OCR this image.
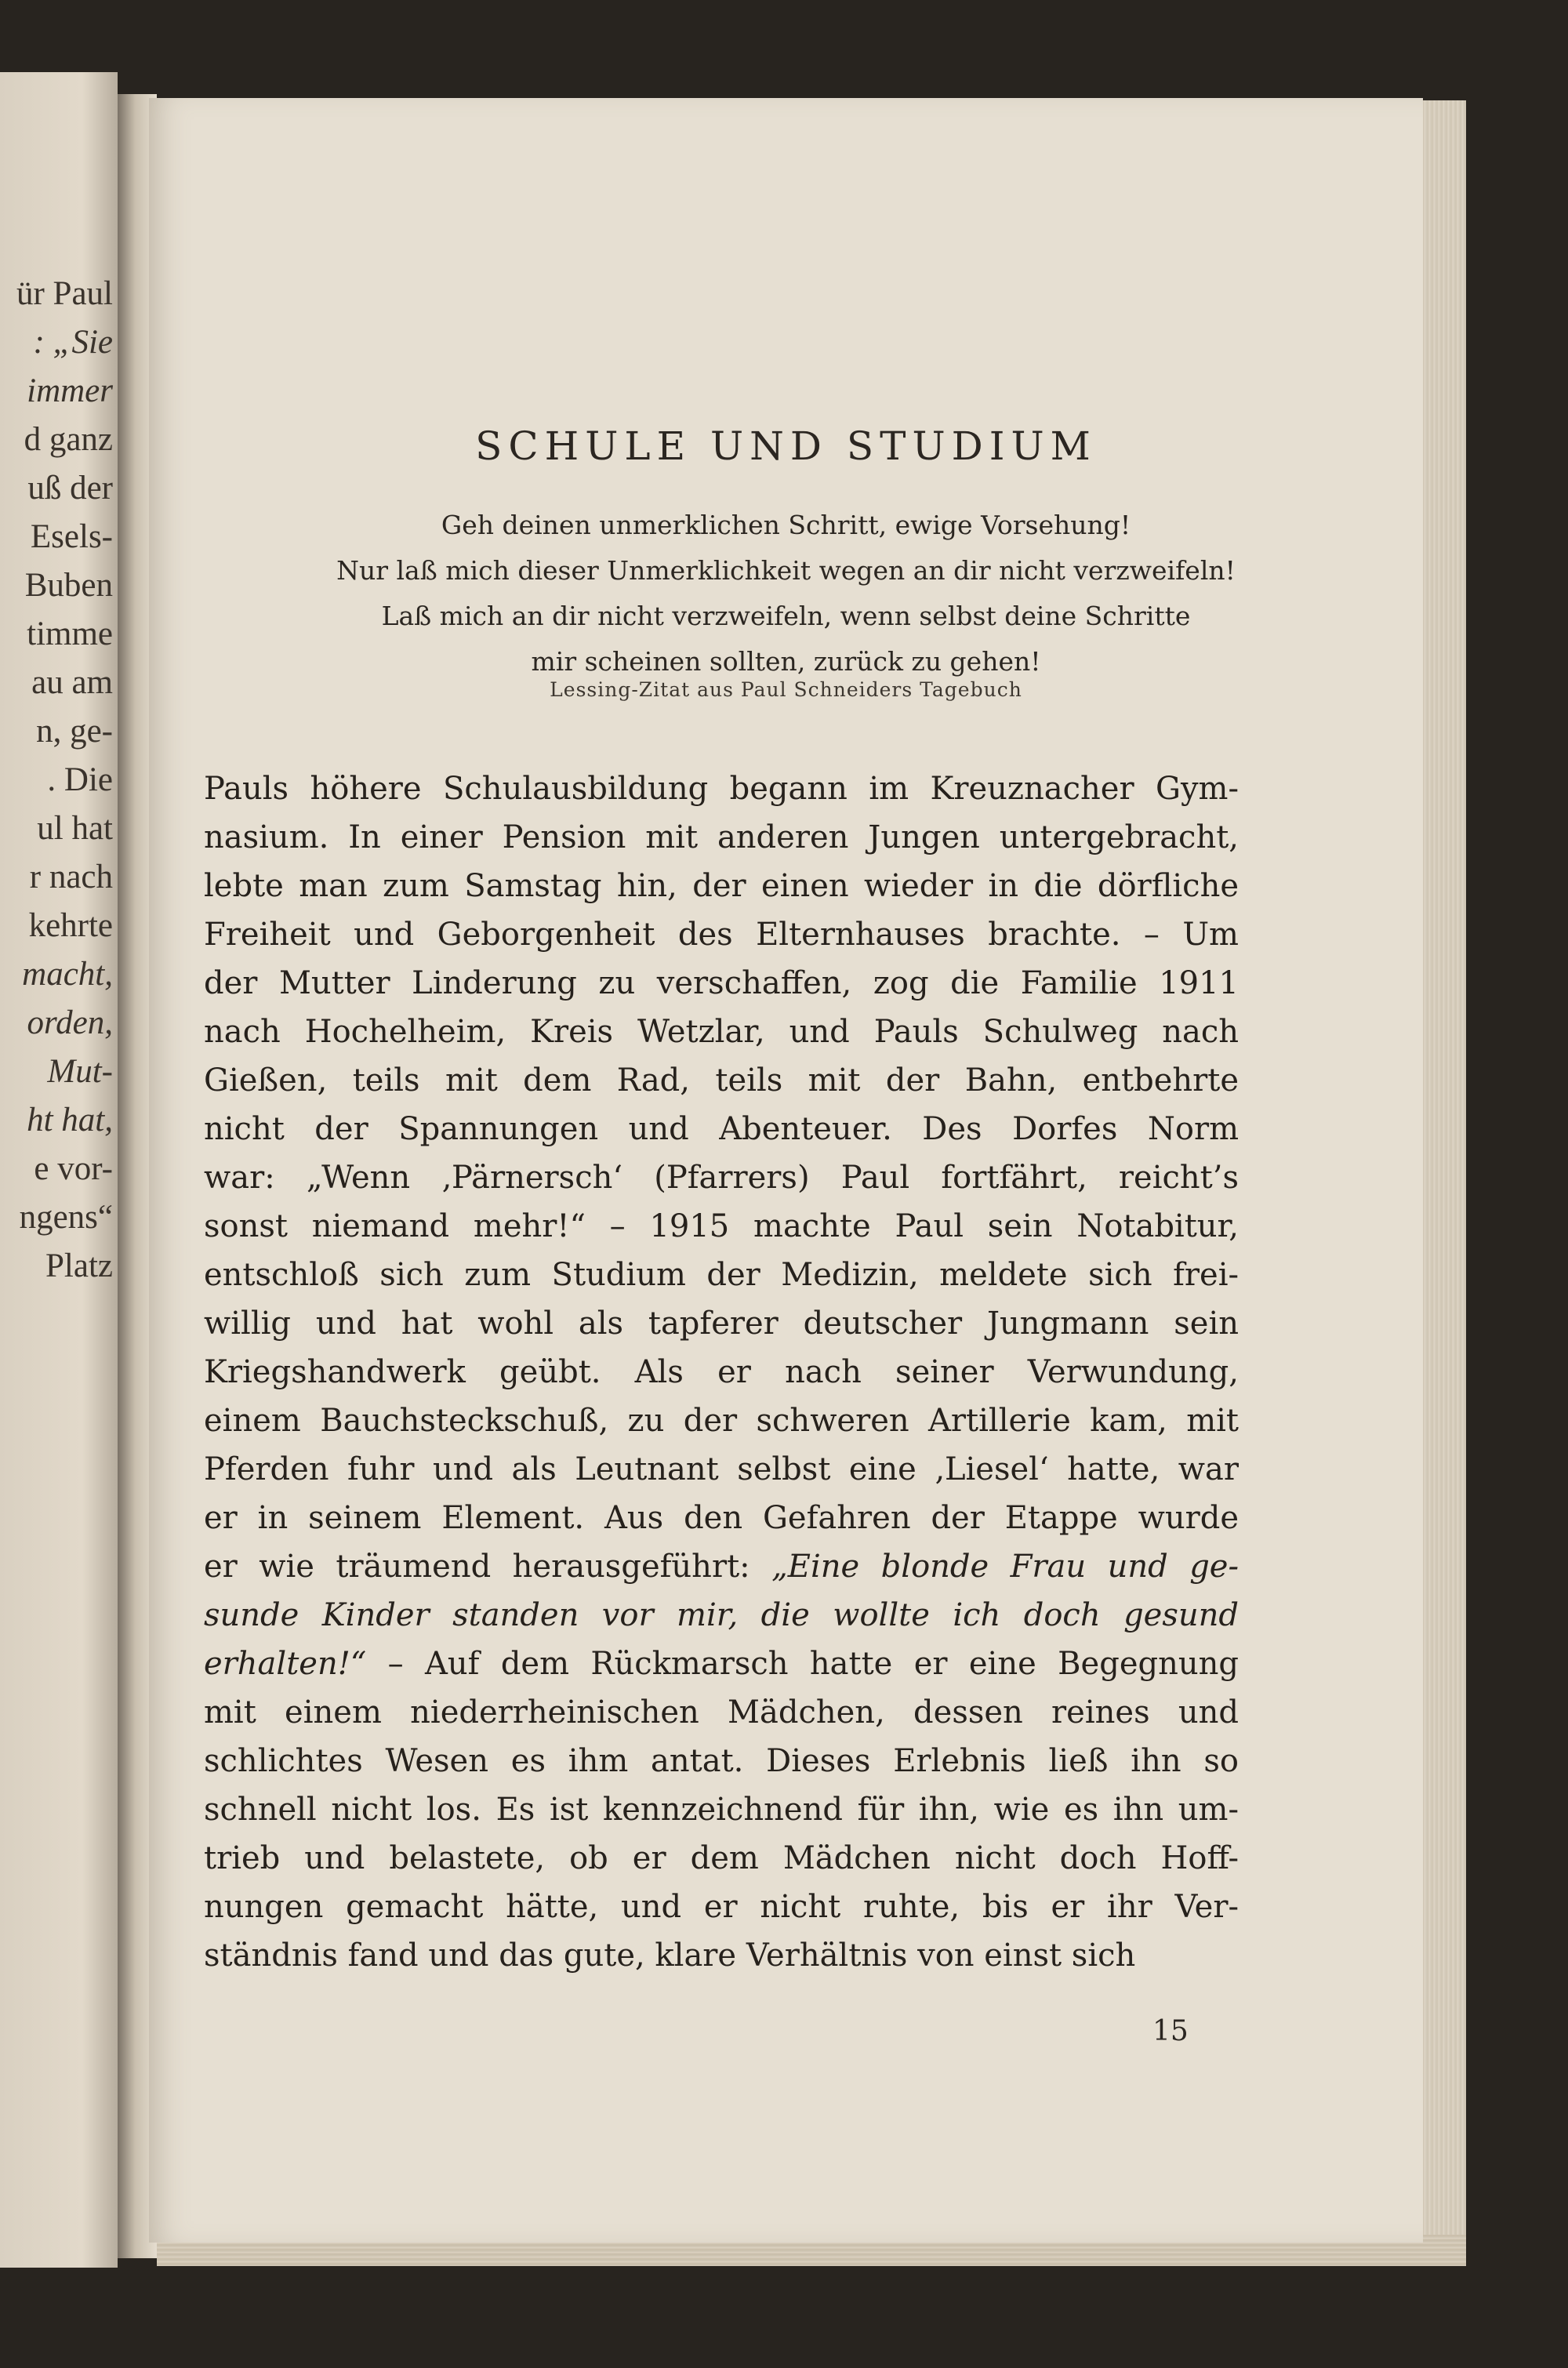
ür Paul
: „Sie
immer
d ganz
uß der
Esels-
Buben
timme
au am
n, ge-
. Die
ul hat
r nach
kehrte
macht,
orden,
Mut-
ht hat,
e vor-
ngens“
Platz
SCHULE UND STUDIUM
Geh deinen unmerklichen Schritt, ewige Vorsehung!
Nur laß mich dieser Unmerklichkeit wegen an dir nicht verzweifeln!
Laß mich an dir nicht verzweifeln, wenn selbst deine Schritte
mir scheinen sollten, zurück zu gehen!
Lessing-Zitat aus Paul Schneiders Tagebuch
Pauls höhere Schulausbildung begann im Kreuznacher Gym-
nasium. In einer Pension mit anderen Jungen untergebracht,
lebte man zum Samstag hin, der einen wieder in die dörfliche
Freiheit und Geborgenheit des Elternhauses brachte. – Um
der Mutter Linderung zu verschaffen, zog die Familie 1911
nach Hochelheim, Kreis Wetzlar, und Pauls Schulweg nach
Gießen, teils mit dem Rad, teils mit der Bahn, entbehrte
nicht der Spannungen und Abenteuer. Des Dorfes Norm
war: „Wenn ‚Pärnersch‘ (Pfarrers) Paul fortfährt, reicht’s
sonst niemand mehr!“ – 1915 machte Paul sein Notabitur,
entschloß sich zum Studium der Medizin, meldete sich frei-
willig und hat wohl als tapferer deutscher Jungmann sein
Kriegshandwerk geübt. Als er nach seiner Verwundung,
einem Bauchsteckschuß, zu der schweren Artillerie kam, mit
Pferden fuhr und als Leutnant selbst eine ‚Liesel‘ hatte, war
er in seinem Element. Aus den Gefahren der Etappe wurde
er wie träumend herausgeführt: „Eine blonde Frau und ge-
sunde Kinder standen vor mir, die wollte ich doch gesund
erhalten!“ – Auf dem Rückmarsch hatte er eine Begegnung
mit einem niederrheinischen Mädchen, dessen reines und
schlichtes Wesen es ihm antat. Dieses Erlebnis ließ ihn so
schnell nicht los. Es ist kennzeichnend für ihn, wie es ihn um-
trieb und belastete, ob er dem Mädchen nicht doch Hoff-
nungen gemacht hätte, und er nicht ruhte, bis er ihr Ver-
ständnis fand und das gute, klare Verhältnis von einst sich
15
